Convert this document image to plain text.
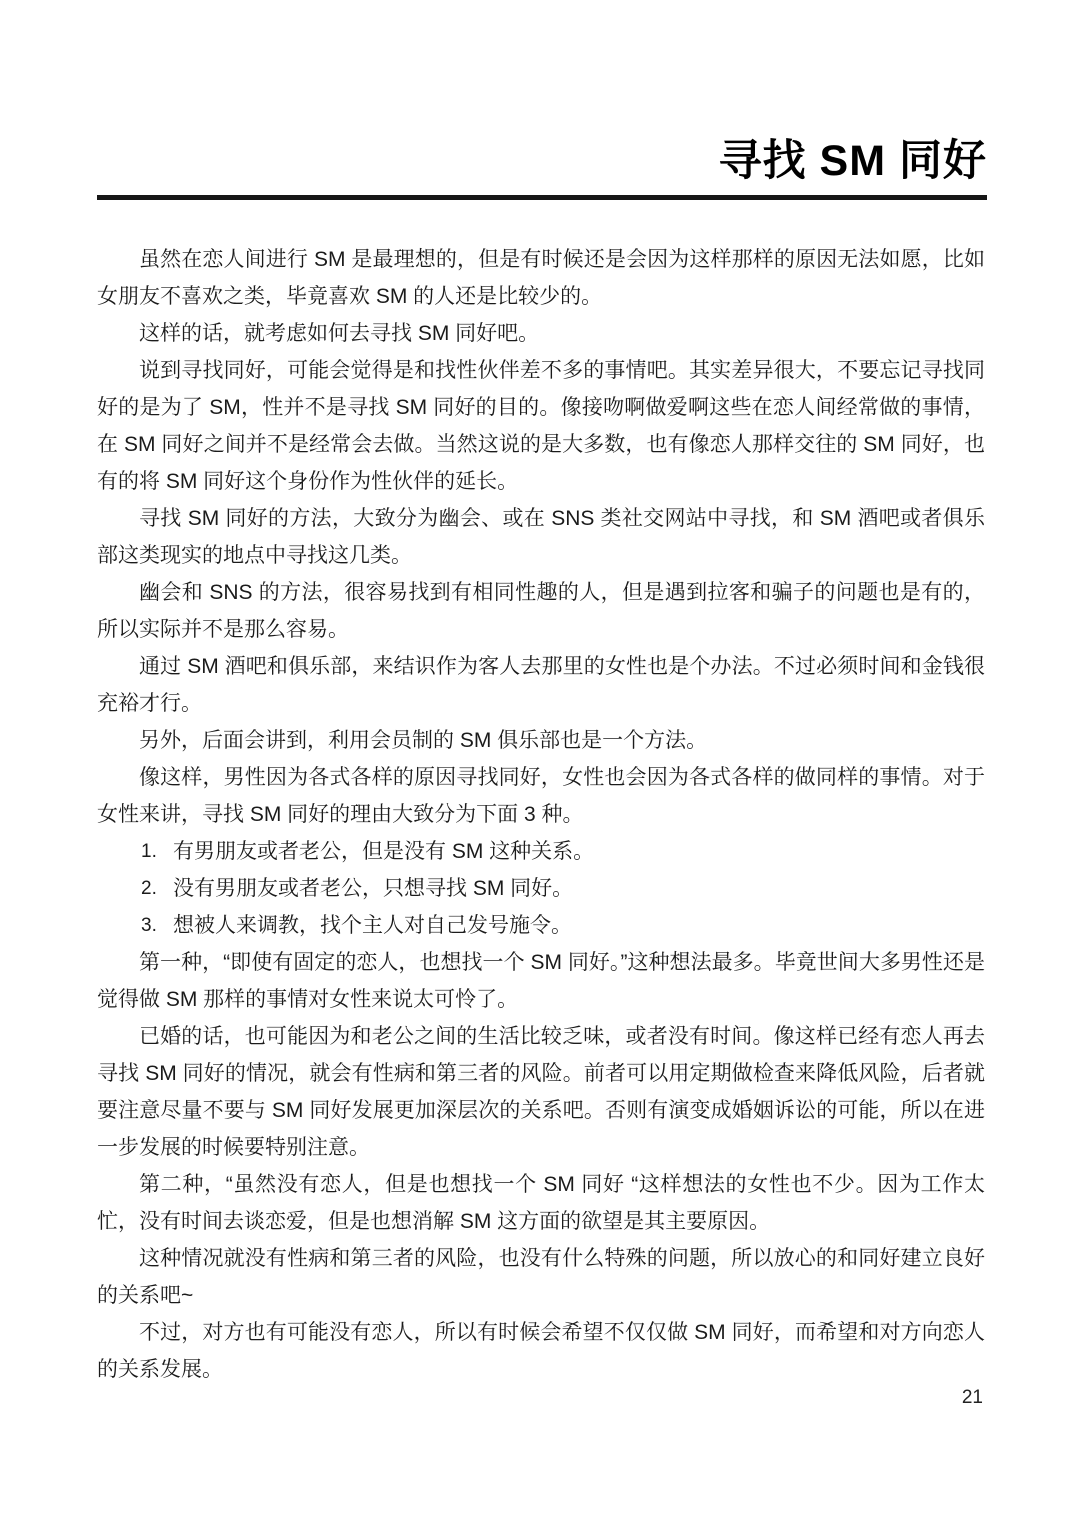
寻找 SM 同好

虽然在恋人间进行 SM 是最理想的，但是有时候还是会因为这样那样的原因无法如愿，比如女朋友不喜欢之类，毕竟喜欢 SM 的人还是比较少的。

这样的话，就考虑如何去寻找 SM 同好吧。

说到寻找同好，可能会觉得是和找性伙伴差不多的事情吧。其实差异很大，不要忘记寻找同好的是为了 SM，性并不是寻找 SM 同好的目的。像接吻啊做爱啊这些在恋人间经常做的事情，在 SM 同好之间并不是经常会去做。当然这说的是大多数，也有像恋人那样交往的 SM 同好，也有的将 SM 同好这个身份作为性伙伴的延长。

寻找 SM 同好的方法，大致分为幽会、或在 SNS 类社交网站中寻找，和 SM 酒吧或者俱乐部这类现实的地点中寻找这几类。

幽会和 SNS 的方法，很容易找到有相同性趣的人，但是遇到拉客和骗子的问题也是有的，所以实际并不是那么容易。

通过 SM 酒吧和俱乐部，来结识作为客人去那里的女性也是个办法。不过必须时间和金钱很充裕才行。

另外，后面会讲到，利用会员制的 SM 俱乐部也是一个方法。

像这样，男性因为各式各样的原因寻找同好，女性也会因为各式各样的做同样的事情。对于女性来讲，寻找 SM 同好的理由大致分为下面 3 种。

1. 有男朋友或者老公，但是没有 SM 这种关系。
2. 没有男朋友或者老公，只想寻找 SM 同好。
3. 想被人来调教，找个主人对自己发号施令。

第一种，“即使有固定的恋人，也想找一个 SM 同好。”这种想法最多。毕竟世间大多男性还是觉得做 SM 那样的事情对女性来说太可怜了。

已婚的话，也可能因为和老公之间的生活比较乏味，或者没有时间。像这样已经有恋人再去寻找 SM 同好的情况，就会有性病和第三者的风险。前者可以用定期做检查来降低风险，后者就要注意尽量不要与 SM 同好发展更加深层次的关系吧。否则有演变成婚姻诉讼的可能，所以在进一步发展的时候要特别注意。

第二种，“虽然没有恋人，但是也想找一个 SM 同好 “这样想法的女性也不少。因为工作太忙，没有时间去谈恋爱，但是也想消解 SM 这方面的欲望是其主要原因。

这种情况就没有性病和第三者的风险，也没有什么特殊的问题，所以放心的和同好建立良好的关系吧~

不过，对方也有可能没有恋人，所以有时候会希望不仅仅做 SM 同好，而希望和对方向恋人的关系发展。

21
